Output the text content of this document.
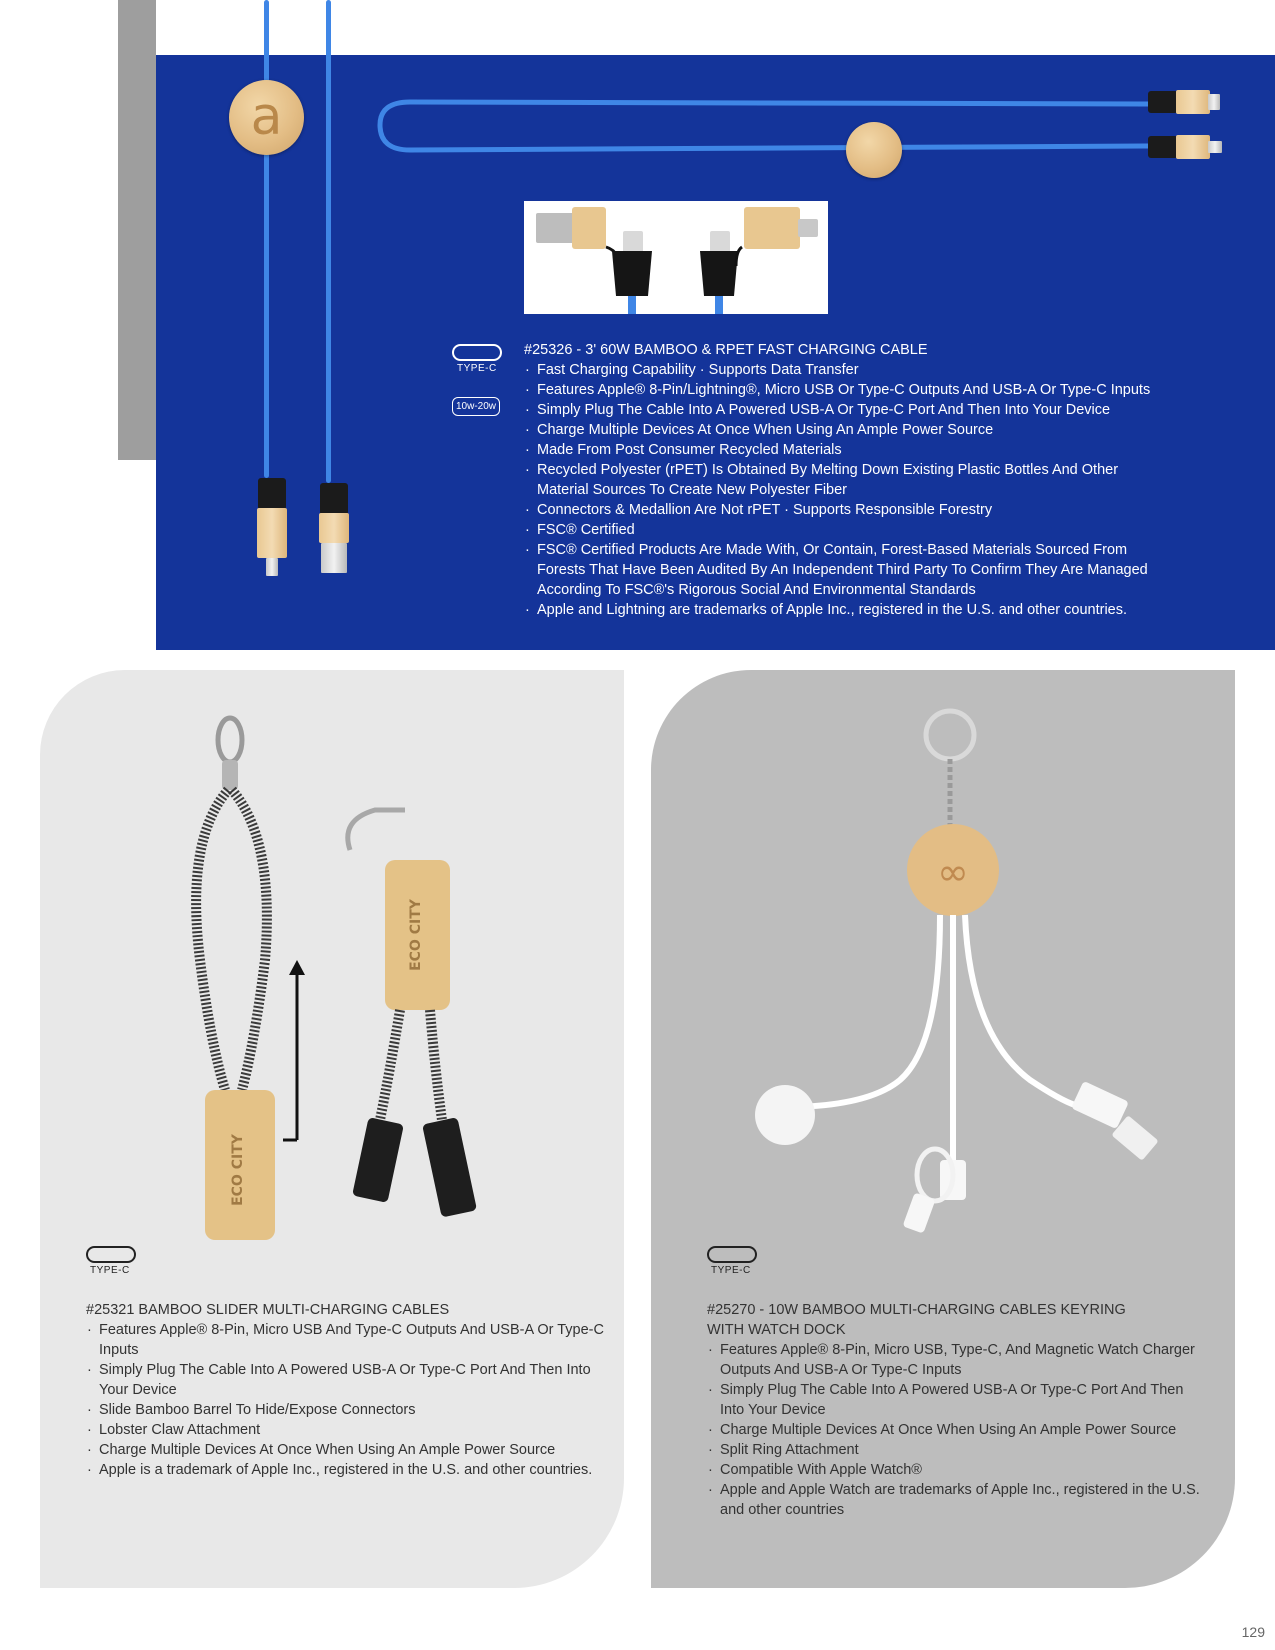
a
TYPE-C
10w-20w
#25326 - 3' 60W BAMBOO & RPET FAST CHARGING CABLE
· Fast Charging Capability · Supports Data Transfer
· Features Apple® 8-Pin/Lightning®, Micro USB Or Type-C Outputs And USB-A Or Type-C Inputs
· Simply Plug The Cable Into A Powered USB-A Or Type-C Port And Then Into Your Device
· Charge Multiple Devices At Once When Using An Ample Power Source
· Made From Post Consumer Recycled Materials
· Recycled Polyester (rPET) Is Obtained By Melting Down Existing Plastic Bottles And Other Material Sources To Create New Polyester Fiber
· Connectors & Medallion Are Not rPET · Supports Responsible Forestry
· FSC® Certified
· FSC® Certified Products Are Made With, Or Contain, Forest-Based Materials Sourced From Forests That Have Been Audited By An Independent Third Party To Confirm They Are Managed According To FSC®'s Rigorous Social And Environmental Standards
· Apple and Lightning are trademarks of Apple Inc., registered in the U.S. and other countries.
ECO CITY
ECO CITY
TYPE-C
#25321 BAMBOO SLIDER MULTI-CHARGING CABLES
· Features Apple® 8-Pin, Micro USB And Type-C Outputs And USB-A Or Type-C Inputs
· Simply Plug The Cable Into A Powered USB-A Or Type-C Port And Then Into Your Device
· Slide Bamboo Barrel To Hide/Expose Connectors
· Lobster Claw Attachment
· Charge Multiple Devices At Once When Using An Ample Power Source
· Apple is a trademark of Apple Inc., registered in the U.S. and other countries.
∞
TYPE-C
#25270 - 10W BAMBOO MULTI-CHARGING CABLES KEYRING
WITH WATCH DOCK
· Features Apple® 8-Pin, Micro USB, Type-C, And Magnetic Watch Charger Outputs And USB-A Or Type-C Inputs
· Simply Plug The Cable Into A Powered USB-A Or Type-C Port And Then Into Your Device
· Charge Multiple Devices At Once When Using An Ample Power Source
· Split Ring Attachment
· Compatible With Apple Watch®
· Apple and Apple Watch are trademarks of Apple Inc., registered in the U.S. and other countries
129
